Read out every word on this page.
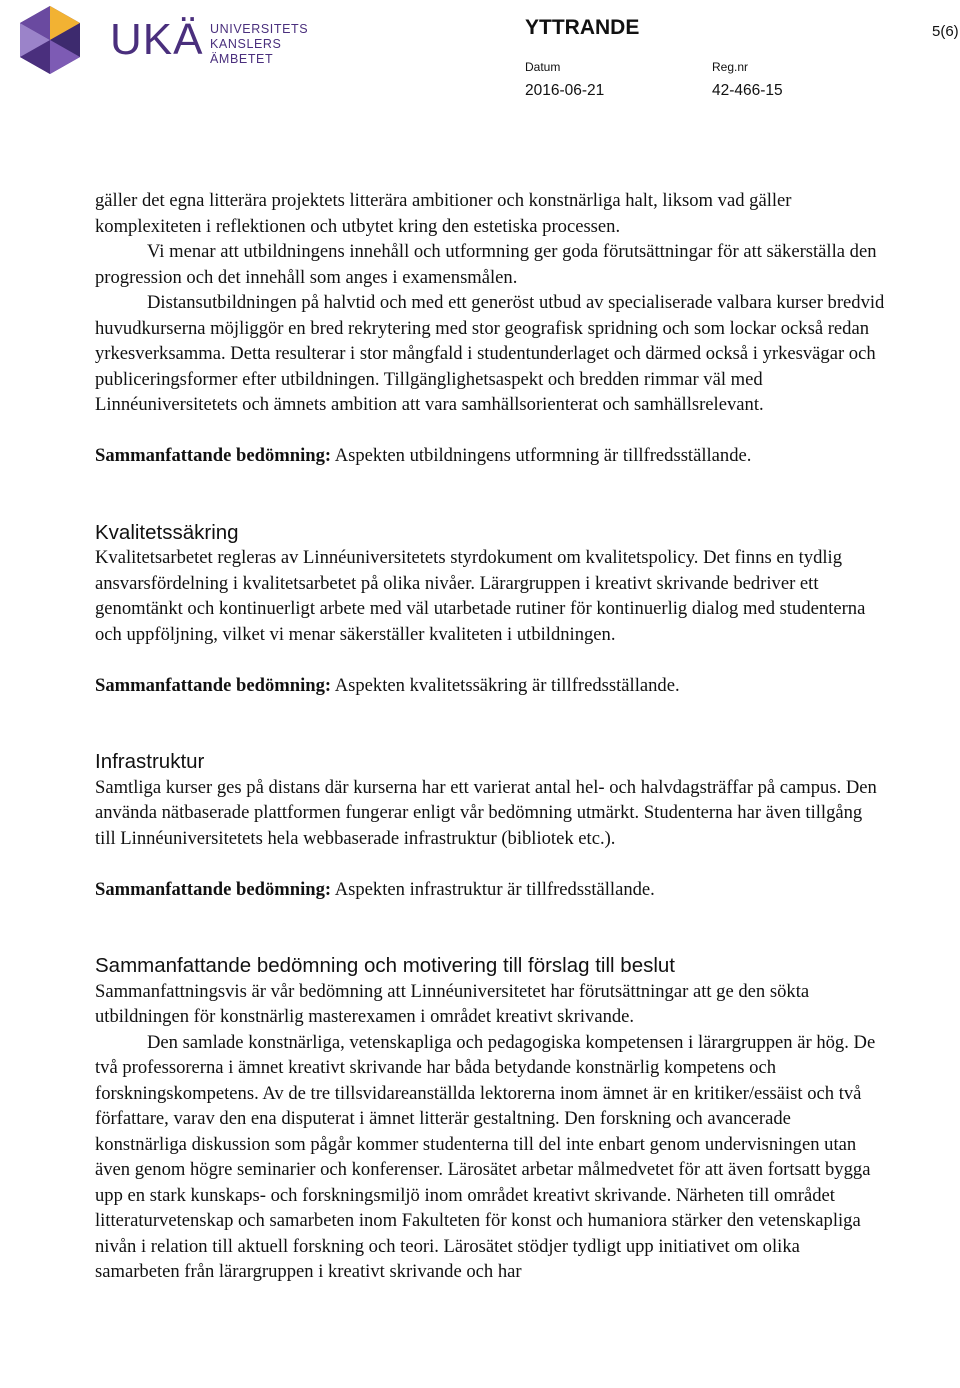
UKÄ UNIVERSITETS
KANSLERS
ÄMBETET
YTTRANDE	5(6)
Datum	Reg.nr
2016-06-21	42-466-15

gäller det egna litterära projektets litterära ambitioner och konstnärliga halt, liksom vad gäller komplexiteten i reflektionen och utbytet kring den estetiska processen.

Vi menar att utbildningens innehåll och utformning ger goda förutsättningar för att säkerställa den progression och det innehåll som anges i examensmålen.

Distansutbildningen på halvtid och med ett generöst utbud av specialiserade valbara kurser bredvid huvudkurserna möjliggör en bred rekrytering med stor geografisk spridning och som lockar också redan yrkesverksamma. Detta resulterar i stor mångfald i studentunderlaget och därmed också i yrkesvägar och publiceringsformer efter utbildningen. Tillgänglighetsaspekt och bredden rimmar väl med Linnéuniversitetets och ämnets ambition att vara samhällsorienterat och samhällsrelevant.

Sammanfattande bedömning: Aspekten utbildningens utformning är tillfredsställande.

Kvalitetssäkring

Kvalitetsarbetet regleras av Linnéuniversitetets styrdokument om kvalitetspolicy. Det finns en tydlig ansvarsfördelning i kvalitetsarbetet på olika nivåer. Lärargruppen i kreativt skrivande bedriver ett genomtänkt och kontinuerligt arbete med väl utarbetade rutiner för kontinuerlig dialog med studenterna och uppföljning, vilket vi menar säkerställer kvaliteten i utbildningen.

Sammanfattande bedömning: Aspekten kvalitetssäkring är tillfredsställande.

Infrastruktur

Samtliga kurser ges på distans där kurserna har ett varierat antal hel- och halvdagsträffar på campus. Den använda nätbaserade plattformen fungerar enligt vår bedömning utmärkt. Studenterna har även tillgång till Linnéuniversitetets hela webbaserade infrastruktur (bibliotek etc.).

Sammanfattande bedömning: Aspekten infrastruktur är tillfredsställande.

Sammanfattande bedömning och motivering till förslag till beslut

Sammanfattningsvis är vår bedömning att Linnéuniversitetet har förutsättningar att ge den sökta utbildningen för konstnärlig masterexamen i området kreativt skrivande.

Den samlade konstnärliga, vetenskapliga och pedagogiska kompetensen i lärargruppen är hög. De två professorerna i ämnet kreativt skrivande har båda betydande konstnärlig kompetens och forskningskompetens. Av de tre tillsvidareanställda lektorerna inom ämnet är en kritiker/essäist och två författare, varav den ena disputerat i ämnet litterär gestaltning. Den forskning och avancerade konstnärliga diskussion som pågår kommer studenterna till del inte enbart genom undervisningen utan även genom högre seminarier och konferenser. Lärosätet arbetar målmedvetet för att även fortsatt bygga upp en stark kunskaps- och forskningsmiljö inom området kreativt skrivande. Närheten till området litteraturvetenskap och samarbeten inom Fakulteten för konst och humaniora stärker den vetenskapliga nivån i relation till aktuell forskning och teori. Lärosätet stödjer tydligt upp initiativet om olika samarbeten från lärargruppen i kreativt skrivande och har
